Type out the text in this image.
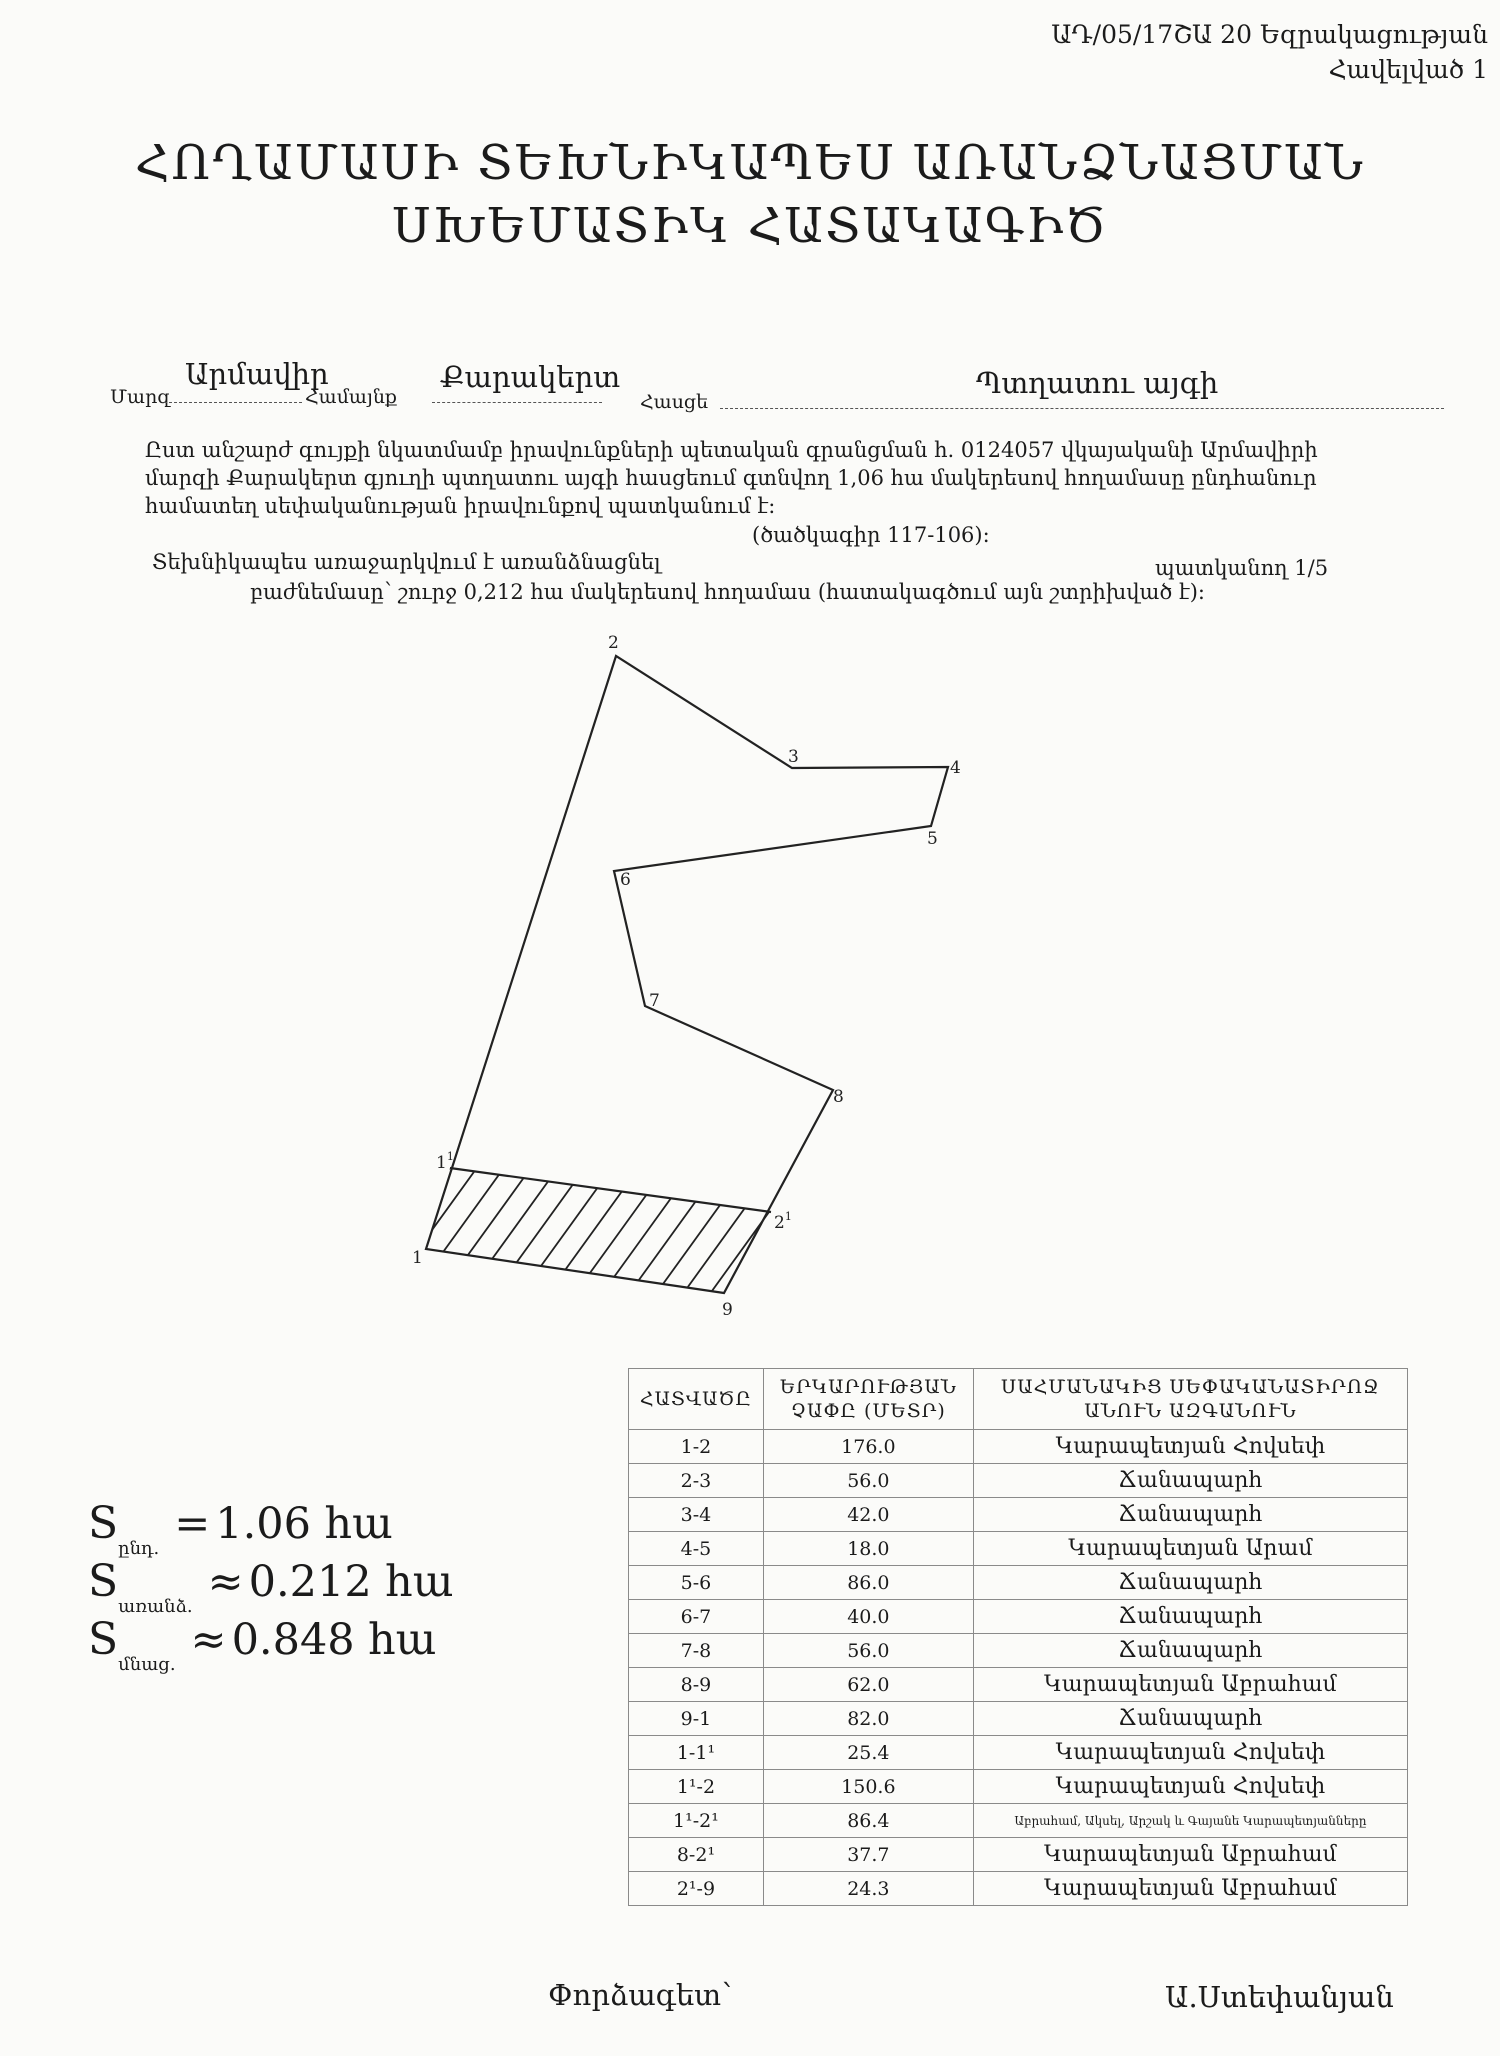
ԱԴ/05/17ՇԱ 20 Եզրակացության
Հավելված 1
ՀՈՂԱՄԱՍԻ ՏԵԽՆԻԿԱՊԵՍ ԱՌԱՆՁՆԱՑՄԱՆ
ՍԽԵՄԱՏԻԿ ՀԱՏԱԿԱԳԻԾ
Մարզ
Արմավիր
Համայնք
Քարակերտ
Հասցե
Պտղատու այգի
Ըստ անշարժ գույքի նկատմամբ իրավունքների պետական գրանցման հ. 0124057 վկայականի Արմավիրի
մարզի Քարակերտ գյուղի պտղատու այգի հասցեում գտնվող 1,06 հա մակերեսով հողամասը ընդհանուր
համատեղ սեփականության իրավունքով պատկանում է:
(ծածկագիր 117-106):
Տեխնիկապես առաջարկվում է առանձնացնել	պատկանող 1/5
բաժնեմասը՝ շուրջ 0,212 հա մակերեսով հողամաս (հատակագծում այն շտրիխված է):
1
2
3
4
5
6
7
8
9
$1^1$
$2^1$
$S_{ընդ.} = 1.06$ հա
$S_{առանձ.} \approx 0.212$ հա
$S_{մնաց.} \approx 0.848$ հա
ՀԱՏՎԱԾԸ	ԵՐԿԱՐՈՒԹՅԱՆ ՉԱՓԸ (ՄԵՏՐ)	ՍԱՀՄԱՆԱԿԻՑ ՍԵՓԱԿԱՆԱՏԻՐՈՋ ԱՆՈՒՆ ԱԶԳԱՆՈՒՆ
1-2	176.0	Կարապետյան Հովսեփ
2-3	56.0	Ճանապարհ
3-4	42.0	Ճանապարհ
4-5	18.0	Կարապետյան Արամ
5-6	86.0	Ճանապարհ
6-7	40.0	Ճանապարհ
7-8	56.0	Ճանապարհ
8-9	62.0	Կարապետյան Աբրահամ
9-1	82.0	Ճանապարհ
1-1¹	25.4	Կարապետյան Հովսեփ
1¹-2	150.6	Կարապետյան Հովսեփ
1¹-2¹	86.4	Աբրահամ, Ակսել, Արշակ և Գայանե Կարապետյանները
8-2¹	37.7	Կարապետյան Աբրահամ
2¹-9	24.3	Կարապետյան Աբրահամ
Փորձագետ՝	Ա.Ստեփանյան
